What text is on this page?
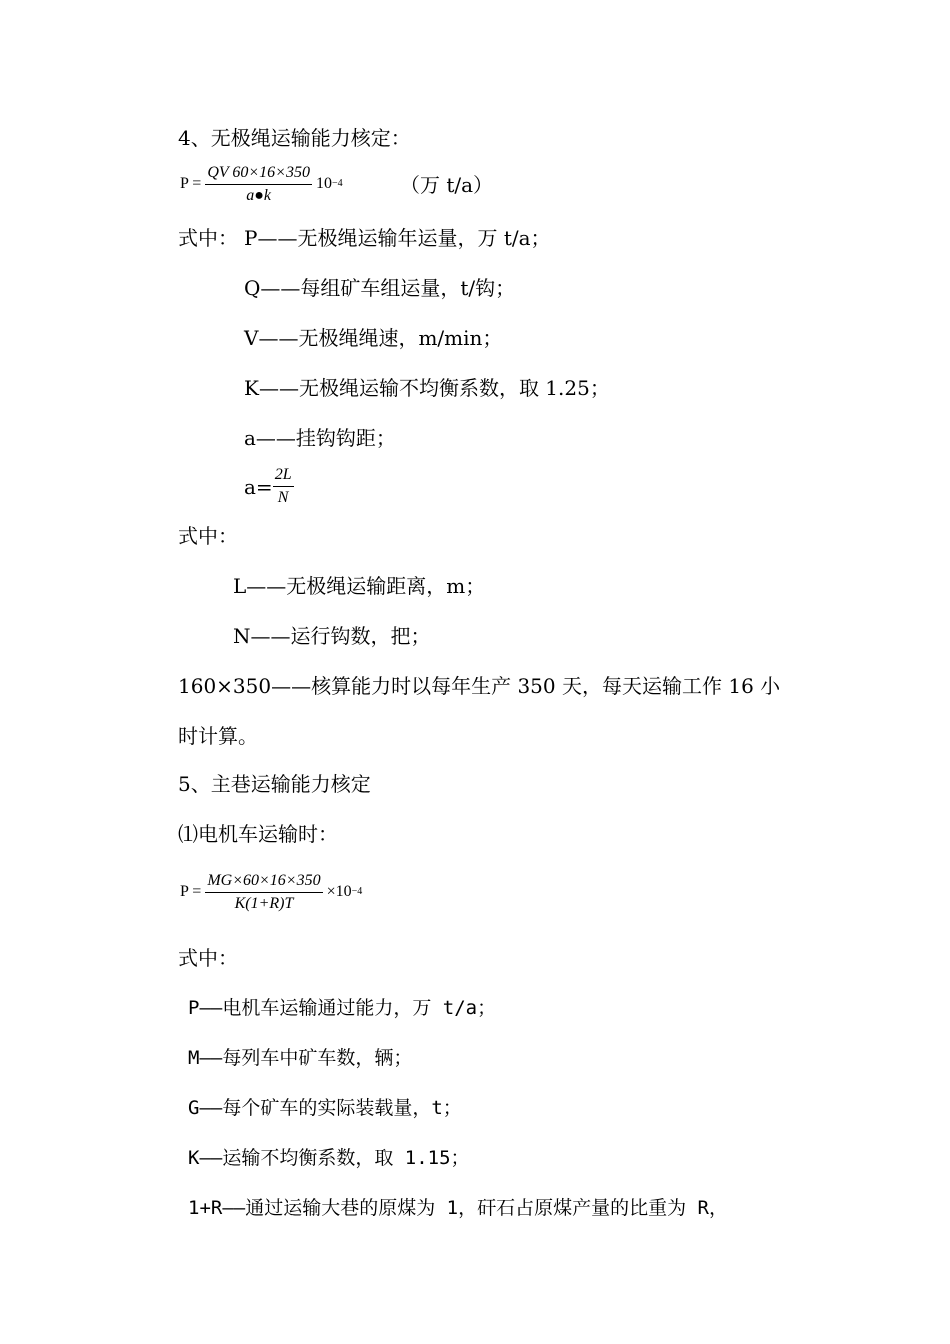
4、无极绳运输能力核定：
$P = \frac{QV 60\times 16\times 350}{a●k} 10^{-4}$	（万 t/a）
式中： P——无极绳运输年运量，万 t/a；
Q——每组矿车组运量，t/钩；
V——无极绳绳速，m/min；
K——无极绳运输不均衡系数，取 1.25；
a——挂钩钩距；
$a= \frac{2L}{N}$
式中：
L——无极绳运输距离，m；
N——运行钩数，把；
160×350——核算能力时以每年生产 350 天，每天运输工作 16 小
时计算。
5、主巷运输能力核定
⑴电机车运输时：
$P = \frac{MG\times 60\times 16\times 350}{K(1+R)T} \times 10^{-4}$
式中：
P——电机车运输通过能力，万 t/a；
M——每列车中矿车数，辆；
G——每个矿车的实际装载量，t；
K——运输不均衡系数，取 1.15；
1+R——通过运输大巷的原煤为 1，矸石占原煤产量的比重为 R，
